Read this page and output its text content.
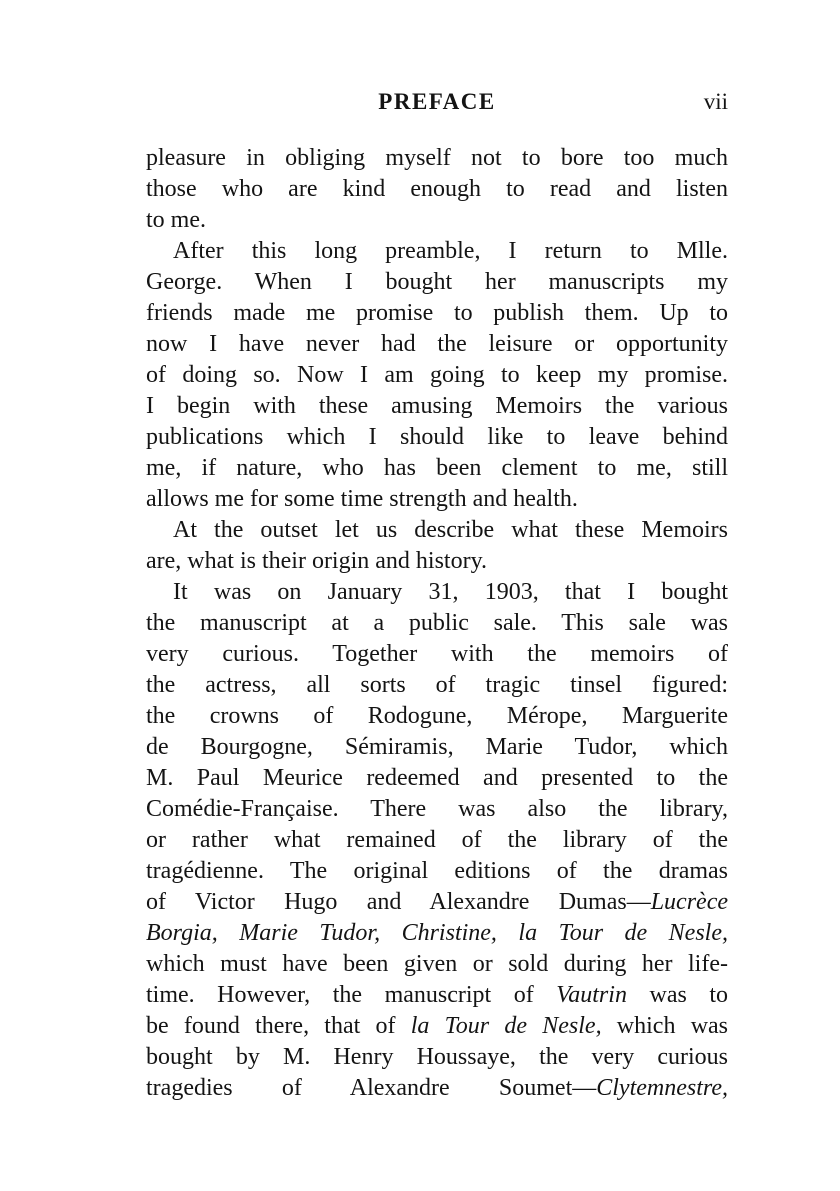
PREFACE	vii
pleasure in obliging myself not to bore too much
those who are kind enough to read and listen
to me.
After this long preamble, I return to Mlle.
George. When I bought her manuscripts my
friends made me promise to publish them. Up to
now I have never had the leisure or opportunity
of doing so. Now I am going to keep my promise.
I begin with these amusing Memoirs the various
publications which I should like to leave behind
me, if nature, who has been clement to me, still
allows me for some time strength and health.
At the outset let us describe what these Memoirs
are, what is their origin and history.
It was on January 31, 1903, that I bought
the manuscript at a public sale. This sale was
very curious. Together with the memoirs of
the actress, all sorts of tragic tinsel figured:
the crowns of Rodogune, Mérope, Marguerite
de Bourgogne, Sémiramis, Marie Tudor, which
M. Paul Meurice redeemed and presented to the
Comédie-Française. There was also the library,
or rather what remained of the library of the
tragédienne. The original editions of the dramas
of Victor Hugo and Alexandre Dumas—Lucrèce
Borgia, Marie Tudor, Christine, la Tour de Nesle,
which must have been given or sold during her life-
time. However, the manuscript of Vautrin was to
be found there, that of la Tour de Nesle, which was
bought by M. Henry Houssaye, the very curious
tragedies of Alexandre Soumet—Clytemnestre,
